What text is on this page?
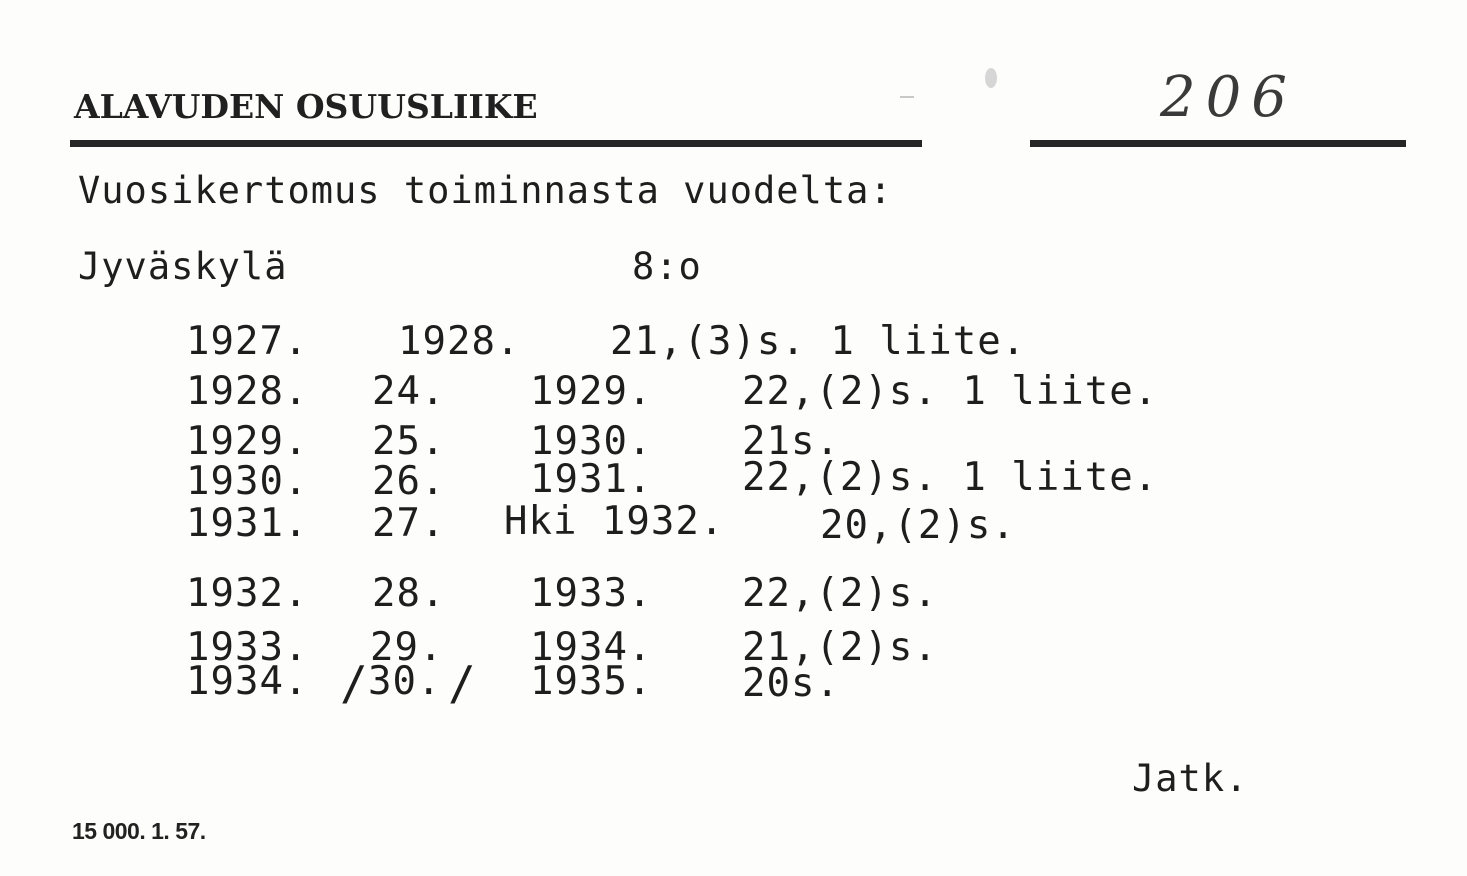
ALAVUDEN OSUUSLIIKE	206
Vuosikertomus toiminnasta vuodelta:
Jyväskylä	8:o
1927. 1928. 21,(3)s. 1 liite.
1928. 24. 1929. 22,(2)s. 1 liite.
1929. 25. 1930. 21s.
1930. 26. 1931. 22,(2)s. 1 liite.
1931. 27. Hki 1932. 20,(2)s.
1932. 28. 1933. 22,(2)s.
1933. 29. 1934. 21,(2)s.
1934. / 30. / 1935. 20s.
Jatk.
15 000. 1. 57.
